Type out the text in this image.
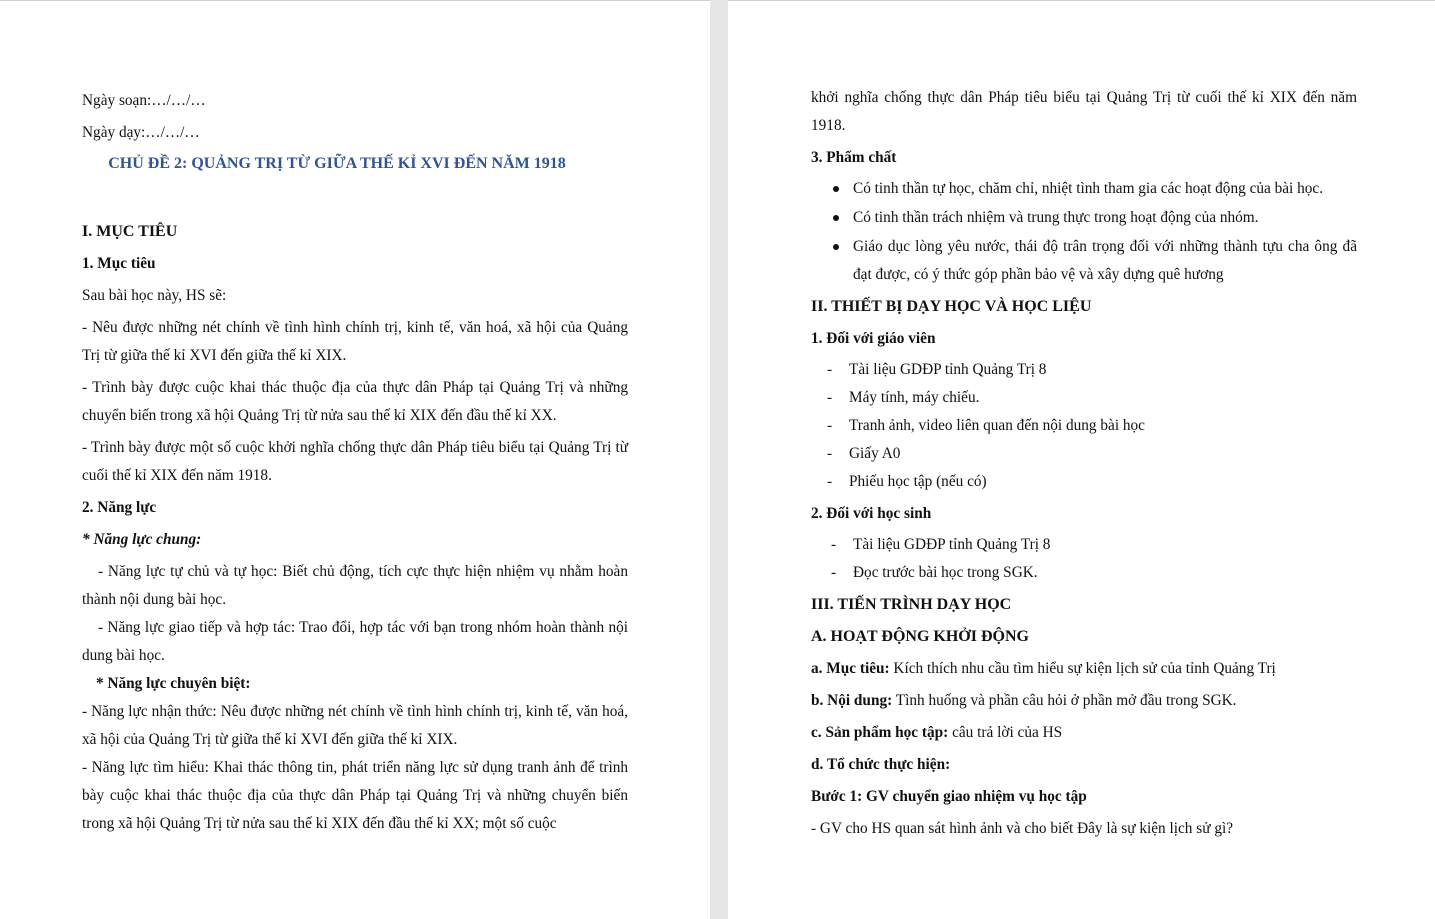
Ngày soạn:…/…/…

Ngày dạy:…/…/…

CHỦ ĐỀ 2: QUẢNG TRỊ TỪ GIỮA THẾ KỈ XVI ĐẾN NĂM 1918

I. MỤC TIÊU

1. Mục tiêu

Sau bài học này, HS sẽ:

- Nêu được những nét chính về tình hình chính trị, kinh tế, văn hoá, xã hội của Quảng Trị từ giữa thế kỉ XVI đến giữa thế kỉ XIX.

- Trình bày được cuộc khai thác thuộc địa của thực dân Pháp tại Quảng Trị và những chuyển biến trong xã hội Quảng Trị từ nửa sau thế kỉ XIX đến đầu thế kỉ XX.

- Trình bày được một số cuộc khởi nghĩa chống thực dân Pháp tiêu biểu tại Quảng Trị từ cuối thế kỉ XIX đến năm 1918.

2. Năng lực

* Năng lực chung:

- Năng lực tự chủ và tự học: Biết chủ động, tích cực thực hiện nhiệm vụ nhằm hoàn thành nội dung bài học.

- Năng lực giao tiếp và hợp tác: Trao đổi, hợp tác với bạn trong nhóm hoàn thành nội dung bài học.

* Năng lực chuyên biệt:

- Năng lực nhận thức: Nêu được những nét chính về tình hình chính trị, kinh tế, văn hoá, xã hội của Quảng Trị từ giữa thế kỉ XVI đến giữa thế kỉ XIX.

- Năng lực tìm hiểu: Khai thác thông tin, phát triển năng lực sử dụng tranh ảnh để trình bày cuộc khai thác thuộc địa của thực dân Pháp tại Quảng Trị và những chuyển biến trong xã hội Quảng Trị từ nửa sau thế kỉ XIX đến đầu thế kỉ XX; một số cuộc

khởi nghĩa chống thực dân Pháp tiêu biểu tại Quảng Trị từ cuối thế kỉ XIX đến năm 1918.

3. Phẩm chất

Có tinh thần tự học, chăm chỉ, nhiệt tình tham gia các hoạt động của bài học.
Có tinh thần trách nhiệm và trung thực trong hoạt động của nhóm.
Giáo dục lòng yêu nước, thái độ trân trọng đối với những thành tựu cha ông đã đạt được, có ý thức góp phần bảo vệ và xây dựng quê hương

II. THIẾT BỊ DẠY HỌC VÀ HỌC LIỆU

1. Đối với giáo viên

- Tài liệu GDĐP tỉnh Quảng Trị 8
- Máy tính, máy chiếu.
- Tranh ảnh, video liên quan đến nội dung bài học
- Giấy A0
- Phiếu học tập (nếu có)

2. Đối với học sinh

- Tài liệu GDĐP tỉnh Quảng Trị 8
- Đọc trước bài học trong SGK.

III. TIẾN TRÌNH DẠY HỌC

A. HOẠT ĐỘNG KHỞI ĐỘNG

a. Mục tiêu: Kích thích nhu cầu tìm hiểu sự kiện lịch sử của tỉnh Quảng Trị

b. Nội dung: Tình huống và phần câu hỏi ở phần mở đầu trong SGK.

c. Sản phẩm học tập: câu trả lời của HS

d. Tổ chức thực hiện:

Bước 1: GV chuyển giao nhiệm vụ học tập

- GV cho HS quan sát hình ảnh và cho biết Đây là sự kiện lịch sử gì?
